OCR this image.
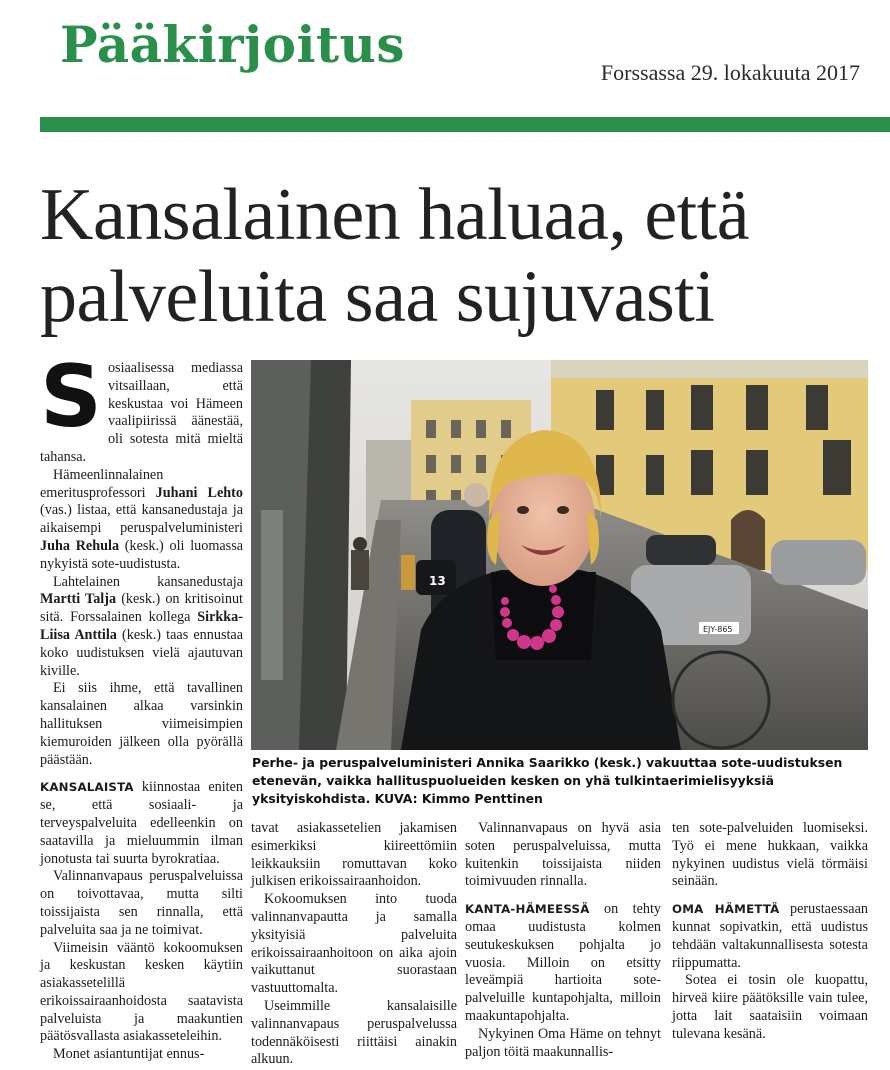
Pääkirjoitus	Forssassa 29. lokakuuta 2017
Kansalainen haluaa, että
palveluita saa sujuvasti

Sosiaalisessa mediassa vitsaillaan, että keskustaa voi Hämeen vaalipiirissä äänestää, oli sotesta mitä mieltä tahansa.

Hämeenlinnalainen emeritusprofessori Juhani Lehto (vas.) listaa, että kansanedustaja ja aikaisempi peruspalveluministeri Juha Rehula (kesk.) oli luomassa nykyistä sote-uudistusta.

Lahtelainen kansanedustaja Martti Talja (kesk.) on kritisoinut sitä. Forssalainen kollega Sirkka-Liisa Anttila (kesk.) taas ennustaa koko uudistuksen vielä ajautuvan kiville.

Ei siis ihme, että tavallinen kansalainen alkaa varsinkin hallituksen viimeisimpien kiemuroiden jälkeen olla pyörällä päästään.

KANSALAISTA kiinnostaa eniten se, että sosiaali- ja terveyspalveluita edelleenkin on saatavilla ja mieluummin ilman jonotusta tai suurta byrokratiaa.

Valinnanvapaus peruspalveluissa on toivottavaa, mutta silti toissijaista sen rinnalla, että palveluita saa ja ne toimivat.

Viimeisin vääntö kokoomuksen ja keskustan kesken käytiin asiakassetelillä erikoissairaanhoidosta saatavista palveluista ja maakuntien päätösvallasta asiakasseteleihin.

Monet asiantuntijat ennus-

EJY-865
13
Perhe- ja peruspalveluministeri Annika Saarikko (kesk.) vakuuttaa sote-uudistuksen etenevän, vaikka hallituspuolueiden kesken on yhä tulkintaerimielisyyksiä yksityiskohdista. KUVA: Kimmo Penttinen

tavat asiakassetelien jakamisen esimerkiksi kiireettömiin leikkauksiin romuttavan koko julkisen erikoissairaanhoidon.

Kokoomuksen into tuoda valinnanvapautta ja samalla yksityisiä palveluita erikoissairaanhoitoon on aika ajoin vaikuttanut suorastaan vastuuttomalta.

Useimmille kansalaisille valinnanvapaus peruspalvelussa todennäköisesti riittäisi ainakin alkuun.

Valinnanvapaus on hyvä asia soten peruspalveluissa, mutta kuitenkin toissijaista niiden toimivuuden rinnalla.

KANTA-HÄMEESSÄ on tehty omaa uudistusta kolmen seutukeskuksen pohjalta jo vuosia. Milloin on etsitty leveämpiä hartioita sote-palveluille kuntapohjalta, milloin maakuntapohjalta.

Nykyinen Oma Häme on tehnyt paljon töitä maakunnallis-

ten sote-palveluiden luomiseksi. Työ ei mene hukkaan, vaikka nykyinen uudistus vielä törmäisi seinään.

OMA HÄMETTÄ perustaessaan kunnat sopivatkin, että uudistus tehdään valtakunnallisesta sotesta riippumatta.

Sotea ei tosin ole kuopattu, hirveä kiire päätöksille vain tulee, jotta lait saataisiin voimaan tulevana kesänä.
